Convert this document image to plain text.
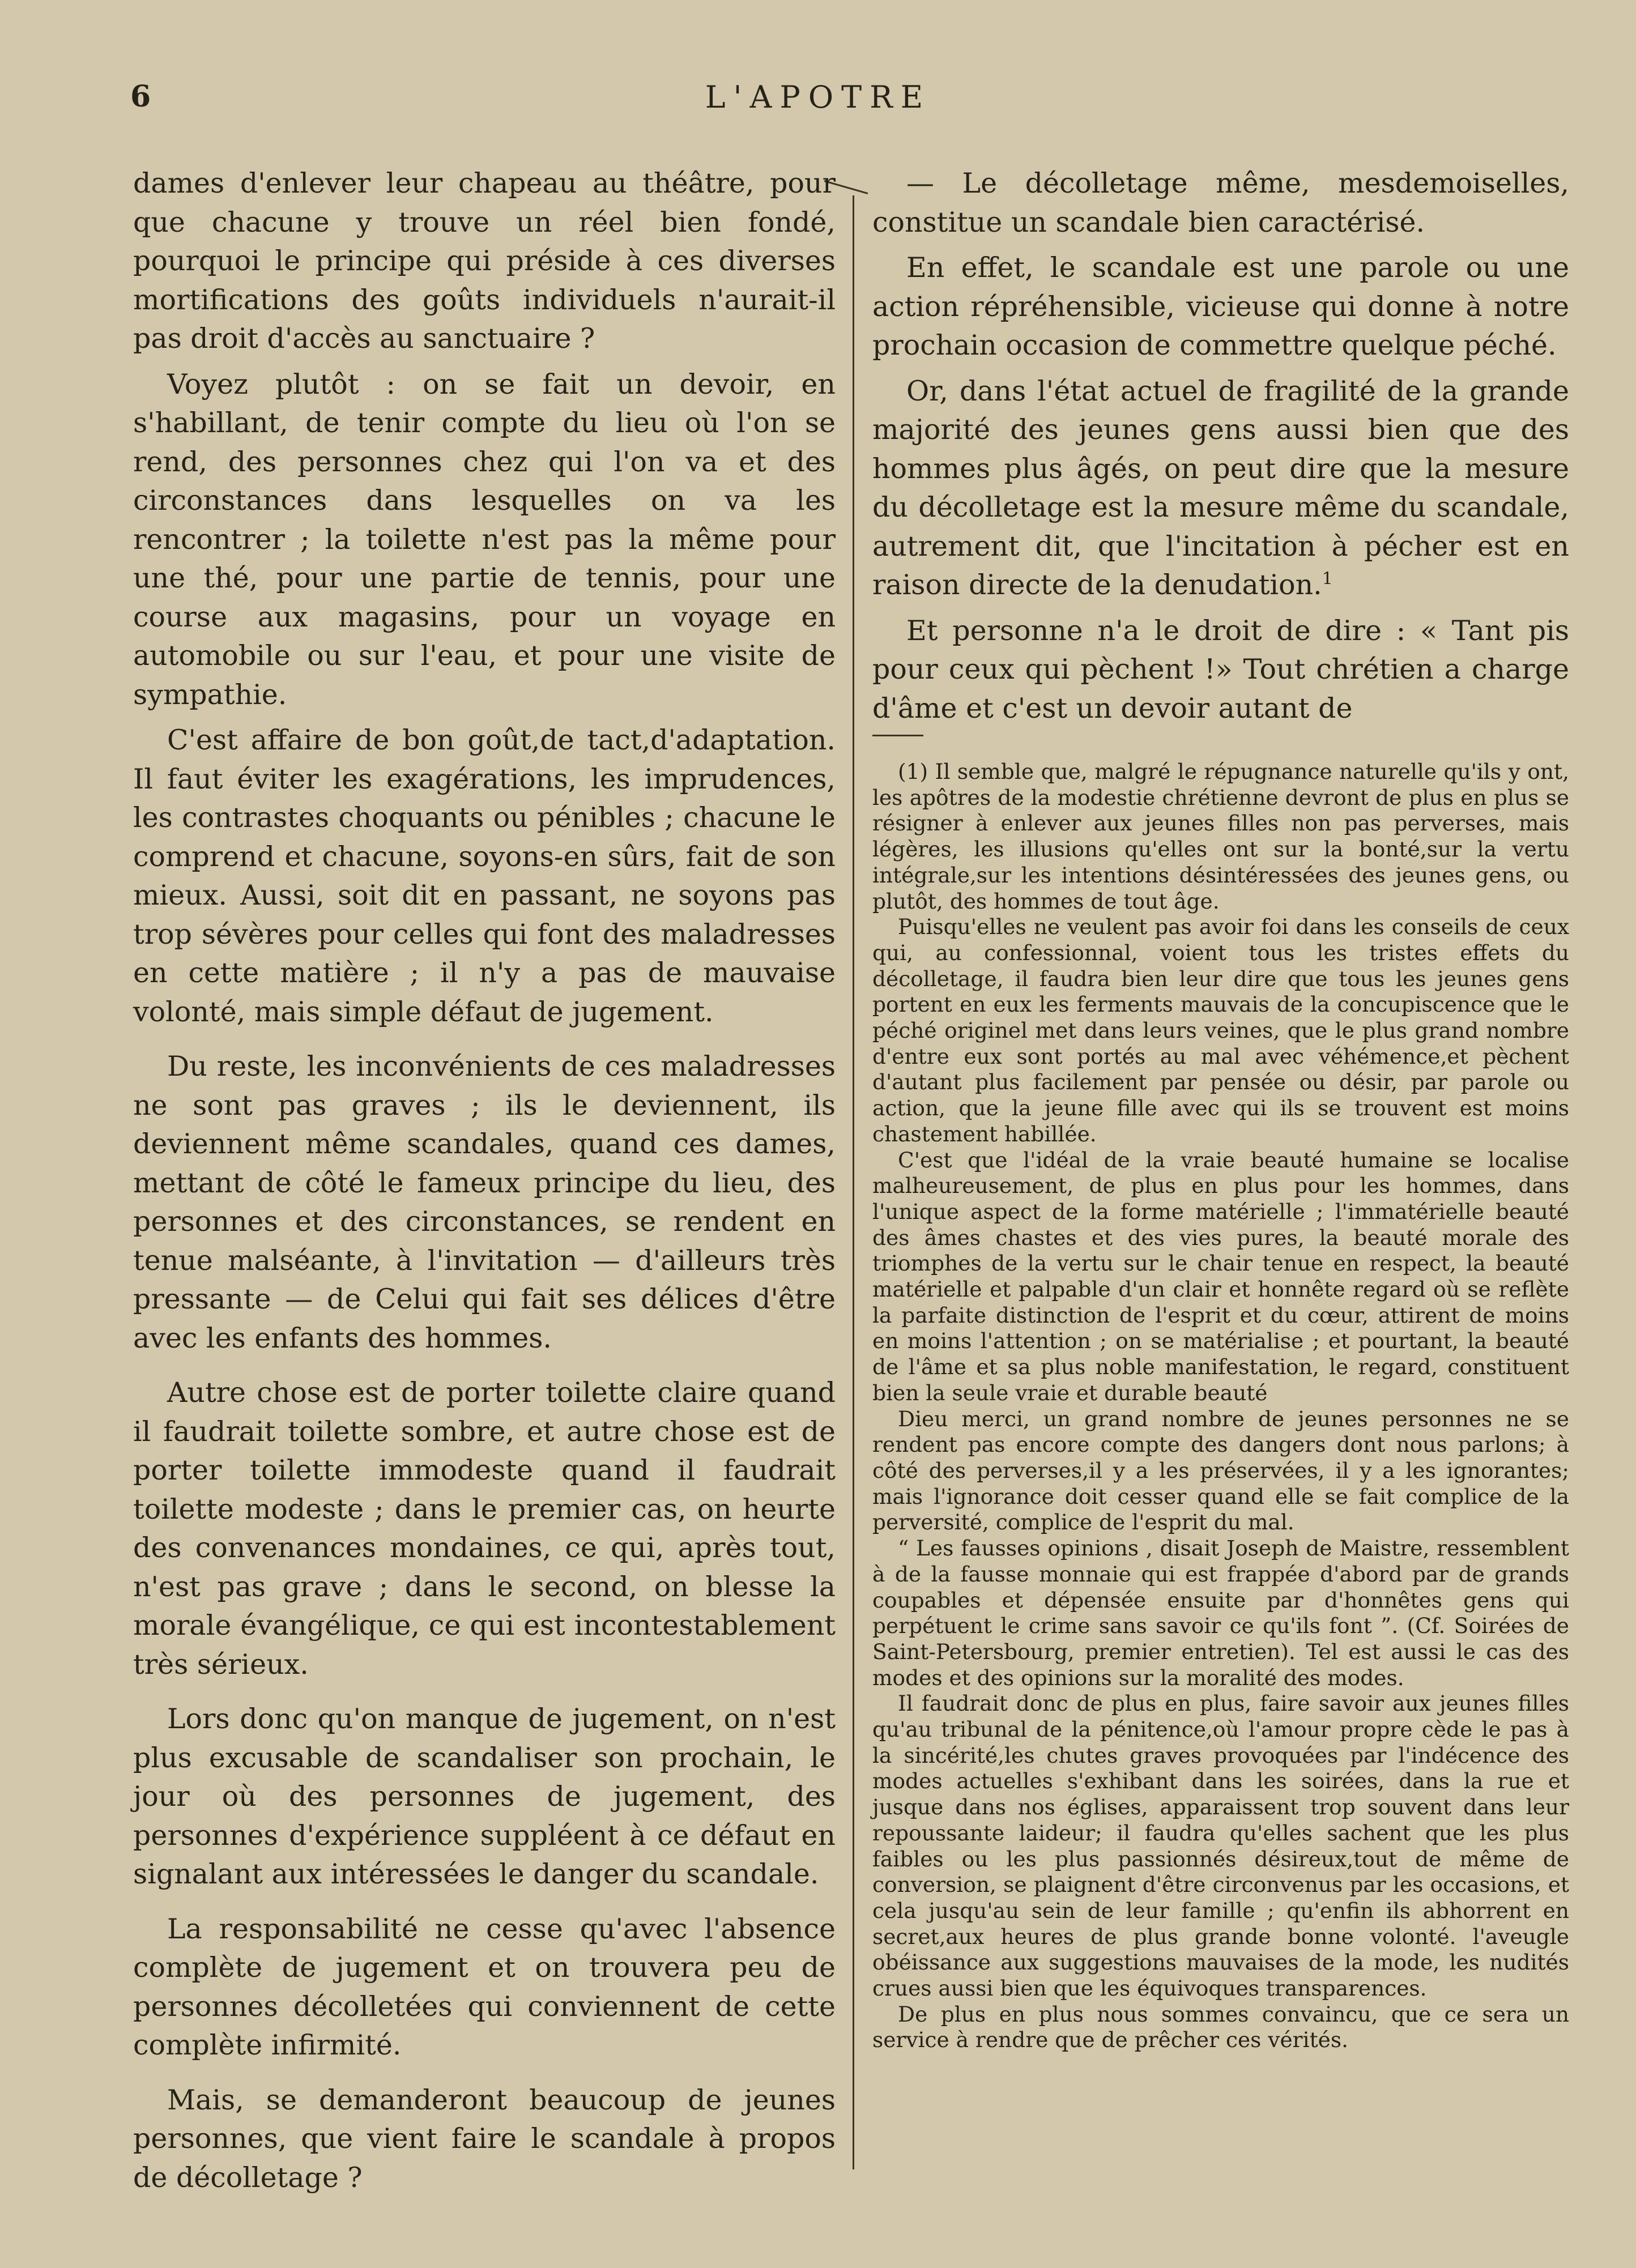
6	L'APOTRE

dames d'enlever leur chapeau au théâtre, pour que chacune y trouve un réel bien fondé, pourquoi le principe qui préside à ces diverses mortifications des goûts individuels n'aurait-il pas droit d'accès au sanctuaire ?

Voyez plutôt : on se fait un devoir, en s'habillant, de tenir compte du lieu où l'on se rend, des personnes chez qui l'on va et des circonstances dans lesquelles on va les rencontrer ; la toilette n'est pas la même pour une thé, pour une partie de tennis, pour une course aux magasins, pour un voyage en automobile ou sur l'eau, et pour une visite de sympathie.

C'est affaire de bon goût,de tact,d'adaptation. Il faut éviter les exagérations, les imprudences, les contrastes choquants ou pénibles ; chacune le comprend et chacune, soyons-en sûrs, fait de son mieux. Aussi, soit dit en passant, ne soyons pas trop sévères pour celles qui font des maladresses en cette matière ; il n'y a pas de mauvaise volonté, mais simple défaut de jugement.

Du reste, les inconvénients de ces maladresses ne sont pas graves ; ils le deviennent, ils deviennent même scandales, quand ces dames, mettant de côté le fameux principe du lieu, des personnes et des circonstances, se rendent en tenue malséante, à l'invitation — d'ailleurs très pressante — de Celui qui fait ses délices d'être avec les enfants des hommes.

Autre chose est de porter toilette claire quand il faudrait toilette sombre, et autre chose est de porter toilette immodeste quand il faudrait toilette modeste ; dans le premier cas, on heurte des convenances mondaines, ce qui, après tout, n'est pas grave ; dans le second, on blesse la morale évangélique, ce qui est incontestablement très sérieux.

Lors donc qu'on manque de jugement, on n'est plus excusable de scandaliser son prochain, le jour où des personnes de jugement, des personnes d'expérience suppléent à ce défaut en signalant aux intéressées le danger du scandale.

La responsabilité ne cesse qu'avec l'absence complète de jugement et on trouvera peu de personnes décolletées qui conviennent de cette complète infirmité.

Mais, se demanderont beaucoup de jeunes personnes, que vient faire le scandale à propos de décolletage ?

— Le décolletage même, mesdemoiselles, constitue un scandale bien caractérisé.

En effet, le scandale est une parole ou une action répréhensible, vicieuse qui donne à notre prochain occasion de commettre quelque péché.

Or, dans l'état actuel de fragilité de la grande majorité des jeunes gens aussi bien que des hommes plus âgés, on peut dire que la mesure du décolletage est la mesure même du scandale, autrement dit, que l'incitation à pécher est en raison directe de la denudation.$^1$

Et personne n'a le droit de dire : « Tant pis pour ceux qui pèchent !» Tout chrétien a charge d'âme et c'est un devoir autant de

(1) Il semble que, malgré le répugnance naturelle qu'ils y ont, les apôtres de la modestie chrétienne devront de plus en plus se résigner à enlever aux jeunes filles non pas perverses, mais légères, les illusions qu'elles ont sur la bonté,sur la vertu intégrale,sur les intentions désintéressées des jeunes gens, ou plutôt, des hommes de tout âge.

Puisqu'elles ne veulent pas avoir foi dans les conseils de ceux qui, au confessionnal, voient tous les tristes effets du décolletage, il faudra bien leur dire que tous les jeunes gens portent en eux les ferments mauvais de la concupiscence que le péché originel met dans leurs veines, que le plus grand nombre d'entre eux sont portés au mal avec véhémence,et pèchent d'autant plus facilement par pensée ou désir, par parole ou action, que la jeune fille avec qui ils se trouvent est moins chastement habillée.

C'est que l'idéal de la vraie beauté humaine se localise malheureusement, de plus en plus pour les hommes, dans l'unique aspect de la forme matérielle ; l'immatérielle beauté des âmes chastes et des vies pures, la beauté morale des triomphes de la vertu sur le chair tenue en respect, la beauté matérielle et palpable d'un clair et honnête regard où se reflète la parfaite distinction de l'esprit et du cœur, attirent de moins en moins l'attention ; on se matérialise ; et pourtant, la beauté de l'âme et sa plus noble manifestation, le regard, constituent bien la seule vraie et durable beauté

Dieu merci, un grand nombre de jeunes personnes ne se rendent pas encore compte des dangers dont nous parlons; à côté des perverses,il y a les préservées, il y a les ignorantes; mais l'ignorance doit cesser quand elle se fait complice de la perversité, complice de l'esprit du mal.

“ Les fausses opinions , disait Joseph de Maistre, ressemblent à de la fausse monnaie qui est frappée d'abord par de grands coupables et dépensée ensuite par d'honnêtes gens qui perpétuent le crime sans savoir ce qu'ils font ”. (Cf. Soirées de Saint-Petersbourg, premier entretien). Tel est aussi le cas des modes et des opinions sur la moralité des modes.

Il faudrait donc de plus en plus, faire savoir aux jeunes filles qu'au tribunal de la pénitence,où l'amour propre cède le pas à la sincérité,les chutes graves provoquées par l'indécence des modes actuelles s'exhibant dans les soirées, dans la rue et jusque dans nos églises, apparaissent trop souvent dans leur repoussante laideur; il faudra qu'elles sachent que les plus faibles ou les plus passionnés désireux,tout de même de conversion, se plaignent d'être circonvenus par les occasions, et cela jusqu'au sein de leur famille ; qu'enfin ils abhorrent en secret,aux heures de plus grande bonne volonté. l'aveugle obéissance aux suggestions mauvaises de la mode, les nudités crues aussi bien que les équivoques transparences.

De plus en plus nous sommes convaincu, que ce sera un service à rendre que de prêcher ces vérités.
